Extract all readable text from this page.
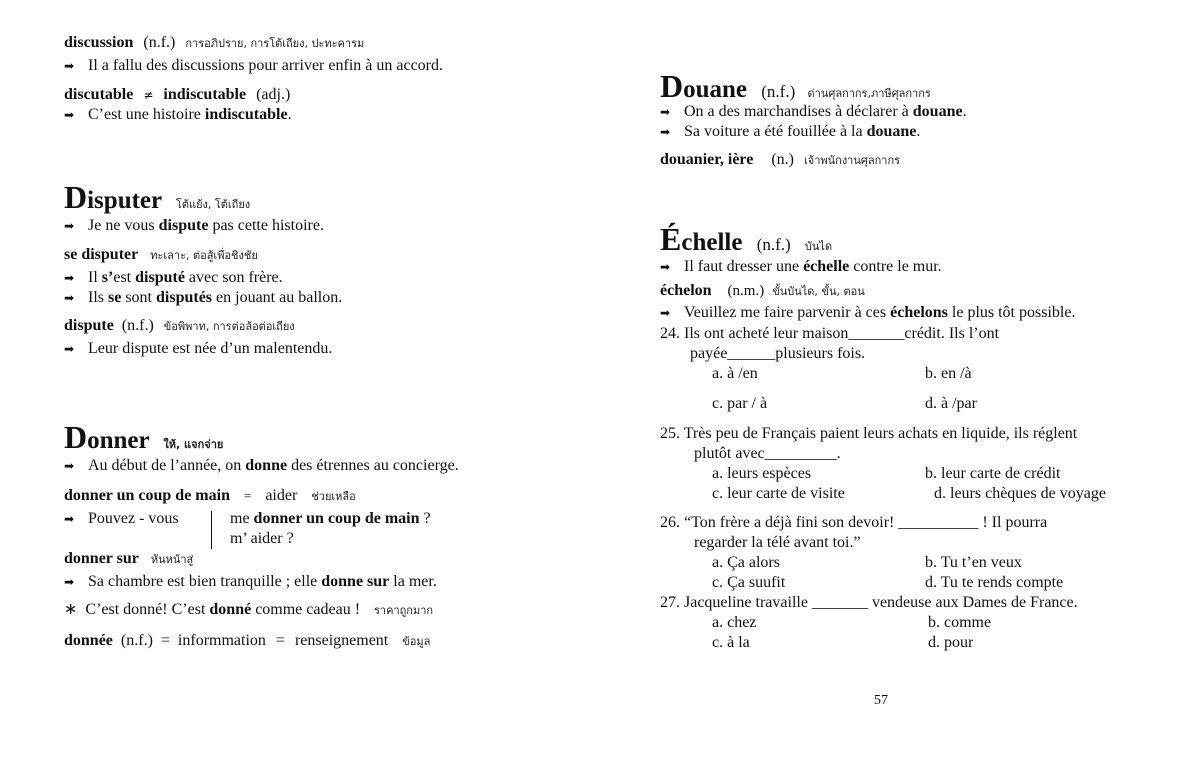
discussion (n.f.) การอภิปราย, การโต้เถียง, ปะทะคารม
➡ Il a fallu des discussions pour arriver enfin à un accord.
discutable ≠ indiscutable (adj.)
➡ C’est une histoire indiscutable.
Disputer โต้แย้ง, โต้เถียง
➡ Je ne vous dispute pas cette histoire.
se disputer ทะเลาะ, ต่อสู้เพื่อชิงชัย
➡ Il s’est disputé avec son frère.
➡ Ils se sont disputés en jouant au ballon.
dispute (n.f.) ข้อพิพาท, การต่อล้อต่อเถียง
➡ Leur dispute est née d’un malentendu.
Donner ให้, แจกจ่าย
➡ Au début de l’année, on donne des étrennes au concierge.
donner un coup de main = aider ช่วยเหลือ
➡ Pouvez - vous	me donner un coup de main ?
m’ aider ?
donner sur หันหน้าสู่
➡ Sa chambre est bien tranquille ; elle donne sur la mer.
∗ C’est donné! C’est donné comme cadeau ! ราคาถูกมาก
donnée (n.f.) = informmation = renseignement ข้อมูล
Douane (n.f.) ด่านศุลกากร,ภาษีศุลกากร
➡ On a des marchandises à déclarer à douane.
➡ Sa voiture a été fouillée à la douane.
douanier, ière (n.) เจ้าพนักงานศุลกากร
Échelle (n.f.) บันได
➡ Il faut dresser une échelle contre le mur.
échelon (n.m.) ขั้นบันได, ขั้น, ตอน
➡ Veuillez me faire parvenir à ces échelons le plus tôt possible.
24. Ils ont acheté leur maison_______crédit. Ils l’ont
payée______plusieurs fois.
a. à /en	b. en /à
c. par / à	d. à /par
25. Très peu de Français paient leurs achats en liquide, ils réglent
plutôt avec_________.
a. leurs espèces	b. leur carte de crédit
c. leur carte de visite	d. leurs chèques de voyage
26. “Ton frère a déjà fini son devoir! __________ ! Il pourra
regarder la télé avant toi.”
a. Ça alors	b. Tu t’en veux
c. Ça suufit	d. Tu te rends compte
27. Jacqueline travaille _______ vendeuse aux Dames de France.
a. chez	b. comme
c. à la	d. pour
57
